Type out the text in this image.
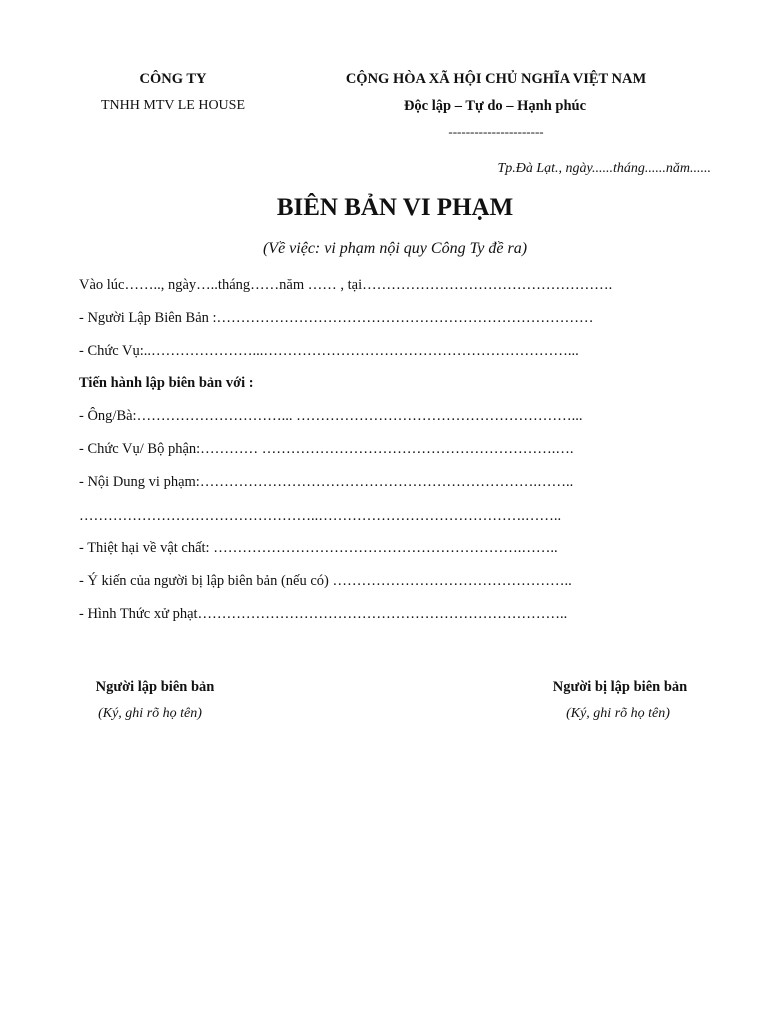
CÔNG TY
TNHH MTV LE HOUSE
CỘNG HÒA XÃ HỘI CHỦ NGHĨA VIỆT NAM
Độc lập – Tự do – Hạnh phúc
----------------------
Tp.Đà Lạt., ngày......tháng......năm......
BIÊN BẢN VI PHẠM
(Về việc: vi phạm nội quy Công Ty đề ra)
Vào lúc…….., ngày…..tháng……năm …… , tại…………………………………………….
- Người Lập Biên Bản :……………………………………………………………………
- Chức Vụ:..…………………...………………………………………………………...
Tiến hành lập biên bản với :
- Ông/Bà:…………………………... …………………………………………………...
- Chức Vụ/ Bộ phận:………… …………………………………………………….….
- Nội Dung vi phạm:…………………………………………………………….……..
…………………………………………..…………………………………….……..
- Thiệt hại về vật chất: ……………………………………………………….……..
- Ý kiến của người bị lập biên bản (nếu có) …………………………………………..
- Hình Thức xử phạt…………………………………………………………………..
Người lập biên bản
(Ký, ghi rõ họ tên)
Người bị lập biên bản
(Ký, ghi rõ họ tên)
